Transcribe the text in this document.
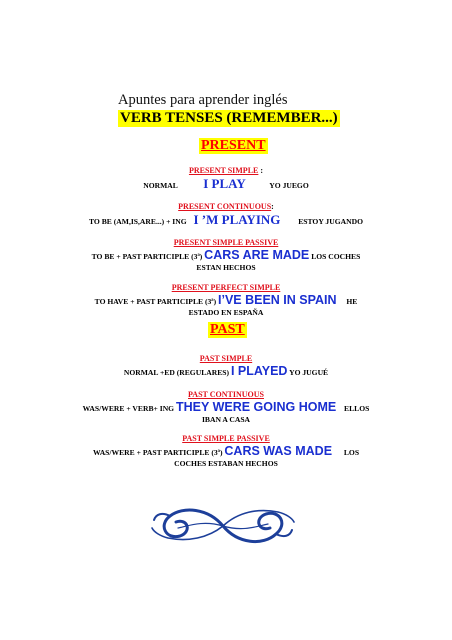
Apuntes para aprender inglés
VERB TENSES (REMEMBER...)
PRESENT
PRESENT SIMPLE :
NORMAL I PLAY	YO JUEGO
PRESENT CONTINUOUS:
TO BE (AM,IS,ARE...) + ING I ’M PLAYING ESTOY JUGANDO
PRESENT SIMPLE PASSIVE
TO BE + PAST PARTICIPLE (3ª) CARS ARE MADE LOS COCHES
ESTAN HECHOS
PRESENT PERFECT SIMPLE
TO HAVE + PAST PARTICIPLE (3ª) I’VE BEEN IN SPAIN HE
ESTADO EN ESPAÑA
PAST
PAST SIMPLE
NORMAL +ED (REGULARES) I PLAYED YO JUGUÉ
PAST CONTINUOUS
WAS/WERE + VERB+ ING THEY WERE GOING HOME ELLOS
IBAN A CASA
PAST SIMPLE PASSIVE
WAS/WERE + PAST PARTICIPLE (3ª) CARS WAS MADE LOS
COCHES ESTABAN HECHOS
